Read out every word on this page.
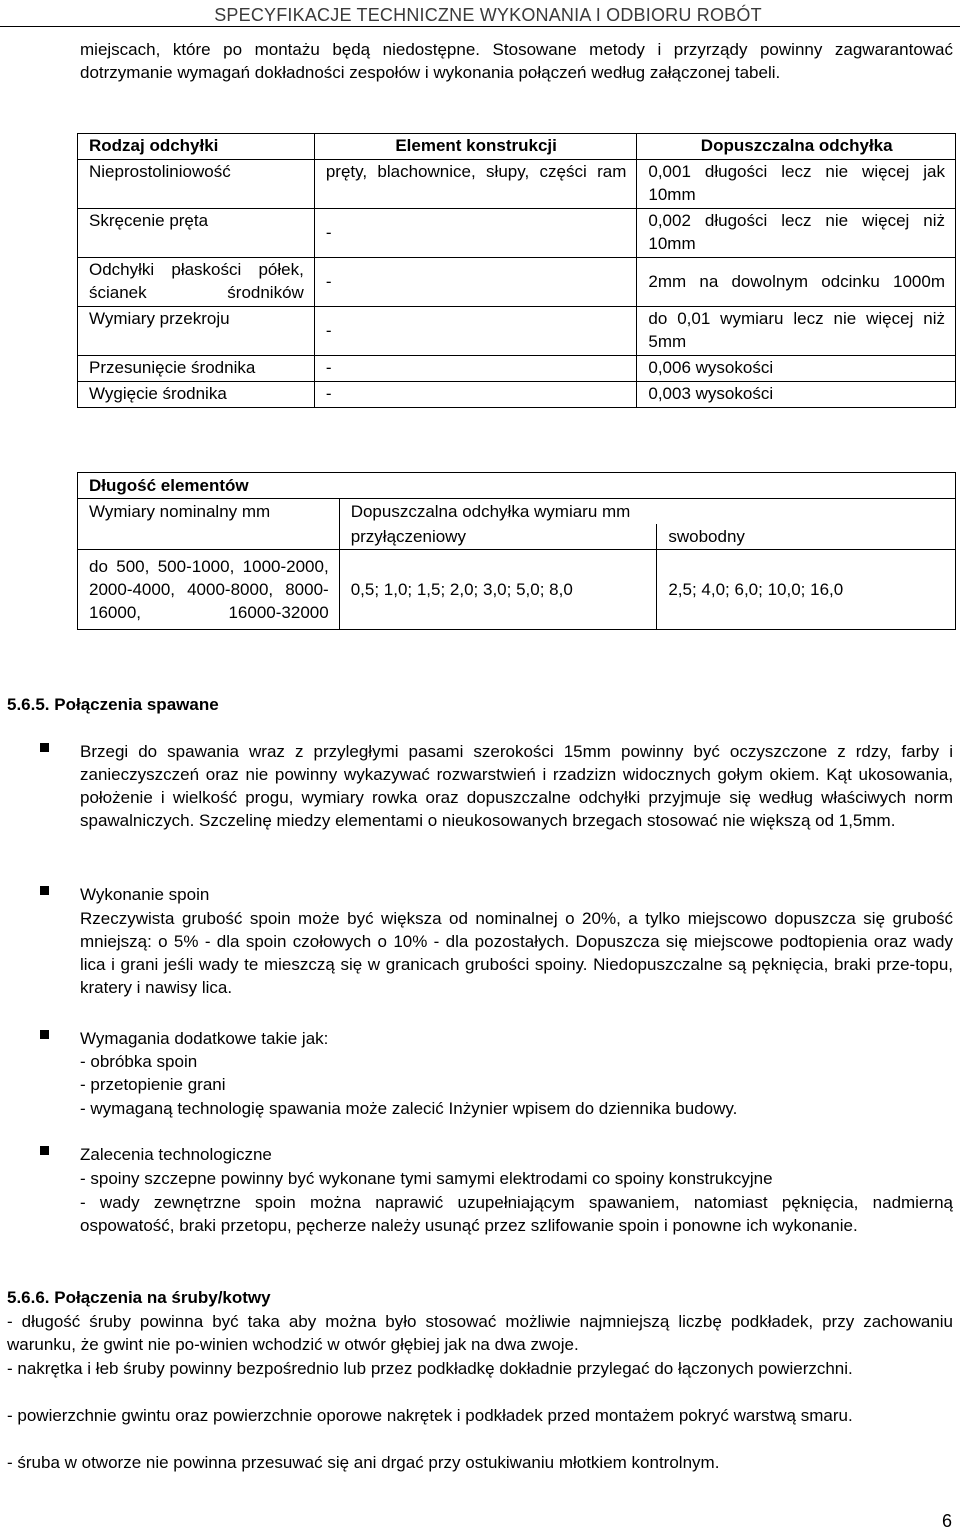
SPECYFIKACJE TECHNICZNE WYKONANIA I ODBIORU ROBÓT
miejscach, które po montażu będą niedostępne. Stosowane metody i przyrządy powinny zagwarantować dotrzymanie wymagań dokładności zespołów i wykonania połączeń według załączonej tabeli.
Rodzaj odchyłki	Element konstrukcji	Dopuszczalna odchyłka
Nieprostoliniowość	pręty, blachownice, słupy, części ram	0,001 długości lecz nie więcej jak 10mm
Skręcenie pręta	-	0,002 długości lecz nie więcej niż 10mm
Odchyłki płaskości półek, ścianek środników	-	2mm na dowolnym odcinku 1000m
Wymiary przekroju	-	do 0,01 wymiaru lecz nie więcej niż 5mm
Przesunięcie środnika	-	0,006 wysokości
Wygięcie środnika	-	0,003 wysokości
Długość elementów		
Wymiary nominalny mm	Dopuszczalna odchyłka wymiaru mm	
	przyłączeniowy	swobodny
do 500, 500-1000, 1000-2000, 2000-4000, 4000-8000, 8000-16000, 16000-32000	0,5; 1,0; 1,5; 2,0; 3,0; 5,0; 8,0	2,5; 4,0; 6,0; 10,0; 16,0
5.6.5. Połączenia spawane
Brzegi do spawania wraz z przyległymi pasami szerokości 15mm powinny być oczyszczone z rdzy, farby i zanieczyszczeń oraz nie powinny wykazywać rozwarstwień i rzadzizn widocznych gołym okiem. Kąt ukosowania, położenie i wielkość progu, wymiary rowka oraz dopuszczalne odchyłki przyjmuje się według właściwych norm spawalniczych. Szczelinę miedzy elementami o nieukosowanych brzegach stosować nie większą od 1,5mm.
Wykonanie spoin
Rzeczywista grubość spoin może być większa od nominalnej o 20%, a tylko miejscowo dopuszcza się grubość mniejszą: o 5% - dla spoin czołowych o 10% - dla pozostałych. Dopuszcza się miejscowe podtopienia oraz wady lica i grani jeśli wady te mieszczą się w granicach grubości spoiny. Niedopuszczalne są pęknięcia, braki prze-topu, kratery i nawisy lica.
Wymagania dodatkowe takie jak:
- obróbka spoin
- przetopienie grani
- wymaganą technologię spawania może zalecić Inżynier wpisem do dziennika budowy.
Zalecenia technologiczne
- spoiny szczepne powinny być wykonane tymi samymi elektrodami co spoiny konstrukcyjne
- wady zewnętrzne spoin można naprawić uzupełniającym spawaniem, natomiast pęknięcia, nadmierną ospowatość, braki przetopu, pęcherze należy usunąć przez szlifowanie spoin i ponowne ich wykonanie.
5.6.6. Połączenia na śruby/kotwy
- długość śruby powinna być taka aby można było stosować możliwie najmniejszą liczbę podkładek, przy zachowaniu warunku, że gwint nie po-winien wchodzić w otwór głębiej jak na dwa zwoje.
- nakrętka i łeb śruby powinny bezpośrednio lub przez podkładkę dokładnie przylegać do łączonych powierzchni.
- powierzchnie gwintu oraz powierzchnie oporowe nakrętek i podkładek przed montażem pokryć warstwą smaru.
- śruba w otworze nie powinna przesuwać się ani drgać przy ostukiwaniu młotkiem kontrolnym.
6
